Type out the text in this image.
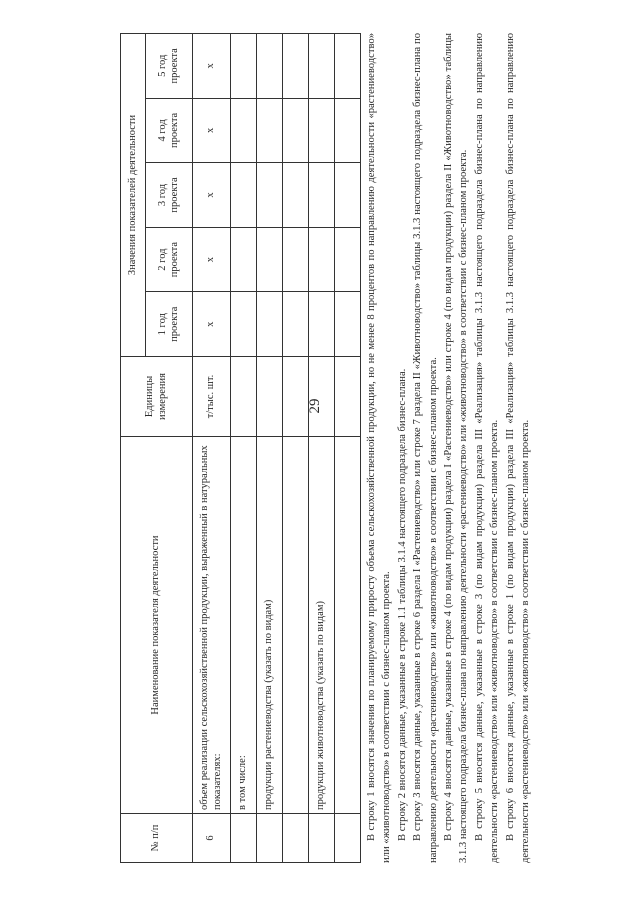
29
№ п/п	Наименование показателя деятельности	Единицы измерения	Значения показателей деятельности				
			1 год проекта	2 год проекта	3 год проекта	4 год проекта	5 год проекта
6	объем реализации сельскохозяйственной продукции, выраженный в натуральных показателях:	т/тыс. шт.	х	х	х	х	х
	в том числе:						
	продукции растениеводства (указать по видам)						

	продукции животноводства (указать по видам)						
								В строку 1 вносятся значения по планируемому приросту объема сельскохозяйственной продукции, но не менее 8 процентов по направлению деятельности «растениеводство» или «животноводство» в соответствии с бизнес-планом проекта. В строку 2 вносятся данные, указанные в строке 1.1 таблицы 3.1.4 настоящего подраздела бизнес-плана. В строку 3 вносятся данные, указанные в строке 6 раздела I «Растениеводство» или строке 7 раздела II «Животноводство» таблицы 3.1.3 настоящего подраздела бизнес-плана по направлению деятельности «растениеводство» или «животноводство» в соответствии с бизнес-планом проекта. В строку 4 вносятся данные, указанные в строке 4 (по видам продукции) раздела I «Растениеводство» или строке 4 (по видам продукции) раздела II «Животноводство» таблицы 3.1.3 настоящего подраздела бизнес-плана по направлению деятельности «растениеводство» или «животноводство» в соответствии с бизнес-планом проекта. В строку 5 вносятся данные, указанные в строке 3 (по видам продукции) раздела III «Реализация» таблицы 3.1.3 настоящего подраздела бизнес-плана по направлению деятельности «растениеводство» или «животноводство» в соответствии с бизнес-планом проекта. В строку 6 вносятся данные, указанные в строке 1 (по видам продукции) раздела III «Реализация» таблицы 3.1.3 настоящего подраздела бизнес-плана по направлению деятельности «растениеводство» или «животноводство» в соответствии с бизнес-планом проекта.
